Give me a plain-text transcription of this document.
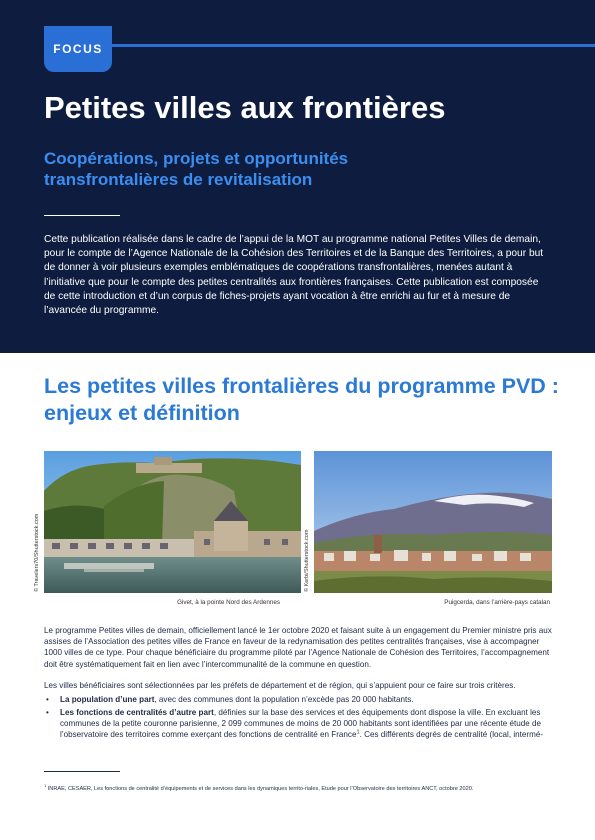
FOCUS
Petites villes aux frontières
Coopérations, projets et opportunités transfrontalières de revitalisation

Cette publication réalisée dans le cadre de l’appui de la MOT au programme national Petites Villes de demain, pour le compte de l’Agence Nationale de la Cohésion des Territoires et de la Banque des Territoires, a pour but de donner à voir plusieurs exemples emblématiques de coopérations transfrontalières, menées autant à l’initiative que pour le compte des petites centralités aux frontières françaises. Cette publication est composée de cette introduction et d’un corpus de fiches-projets ayant vocation à être enrichi au fur et à mesure de l’avancée du programme.

Les petites villes frontalières du programme PVD : enjeux et définition
© Travelers70/Shutterstock.com
Givet, à la pointe Nord des Ardennes
© Kerbi/Shutterstock.com
Puigcerda, dans l’arrière-pays catalan

Le programme Petites villes de demain, officiellement lancé le 1er octobre 2020 et faisant suite à un engagement du Premier ministre pris aux assises de l’Association des petites villes de France en faveur de la redynamisation des petites centralités françaises, vise à accompagner 1000 villes de ce type. Pour chaque bénéficiaire du programme piloté par l’Agence Nationale de Cohésion des Territoires, l’accompagnement doit être systématiquement fait en lien avec l’intercommunalité de la commune en question.

Les villes bénéficiaires sont sélectionnées par les préfets de département et de région, qui s’appuient pour ce faire sur trois critères.

• La population d’une part, avec des communes dont la population n’excède pas 20 000 habitants.
• Les fonctions de centralités d’autre part, définies sur la base des services et des équipements dont dispose la ville. En excluant les communes de la petite couronne parisienne, 2 099 communes de moins de 20 000 habitants sont identifiées par une récente étude de l’observatoire des territoires comme exerçant des fonctions de centralité en France$^1$. Ces différents degrés de centralité (local, intermé-

$^1$ INRAE, CESAER, Les fonctions de centralité d’équipements et de services dans les dynamiques territo-riales, Etude pour l’Observatoire des territoires ANCT, octobre 2020.
